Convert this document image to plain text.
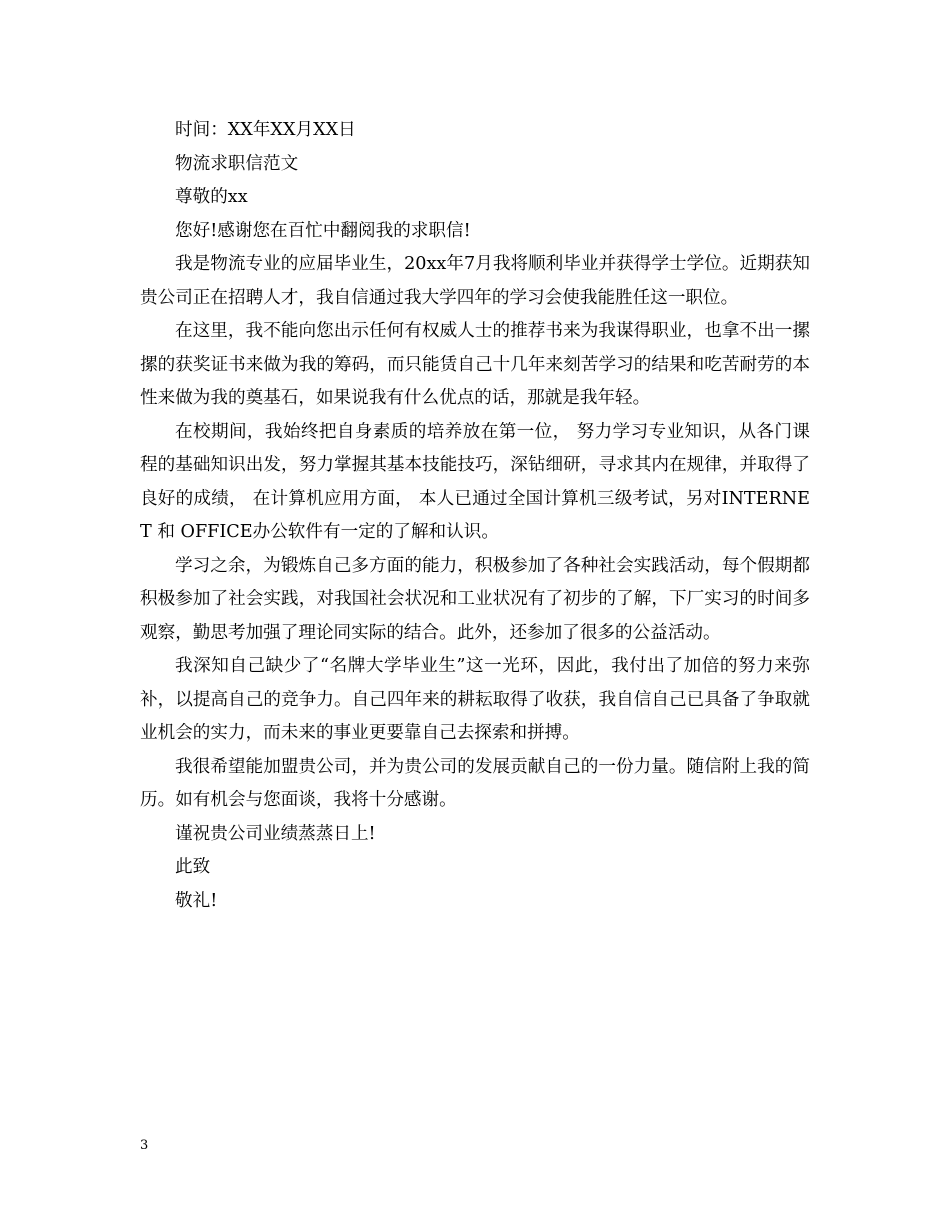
时间：XX年XX月XX日
物流求职信范文
尊敬的xx
您好!感谢您在百忙中翻阅我的求职信!
我是物流专业的应届毕业生，20xx年7月我将顺利毕业并获得学士学位。近期获知贵公司正在招聘人才，我自信通过我大学四年的学习会使我能胜任这一职位。
在这里，我不能向您出示任何有权威人士的推荐书来为我谋得职业，也拿不出一摞摞的获奖证书来做为我的筹码，而只能赁自己十几年来刻苦学习的结果和吃苦耐劳的本性来做为我的奠基石，如果说我有什么优点的话，那就是我年轻。
在校期间，我始终把自身素质的培养放在第一位， 努力学习专业知识，从各门课程的基础知识出发，努力掌握其基本技能技巧，深钻细研，寻求其内在规律，并取得了良好的成绩， 在计算机应用方面， 本人已通过全国计算机三级考试，另对INTERNET 和 OFFICE办公软件有一定的了解和认识。
学习之余，为锻炼自己多方面的能力，积极参加了各种社会实践活动，每个假期都积极参加了社会实践，对我国社会状况和工业状况有了初步的了解，下厂实习的时间多观察，勤思考加强了理论同实际的结合。此外，还参加了很多的公益活动。
我深知自己缺少了“名牌大学毕业生”这一光环，因此，我付出了加倍的努力来弥补，以提高自己的竞争力。自己四年来的耕耘取得了收获，我自信自己已具备了争取就业机会的实力，而未来的事业更要靠自己去探索和拼搏。
我很希望能加盟贵公司，并为贵公司的发展贡献自己的一份力量。随信附上我的简历。如有机会与您面谈，我将十分感谢。
谨祝贵公司业绩蒸蒸日上!
此致
敬礼!
3
